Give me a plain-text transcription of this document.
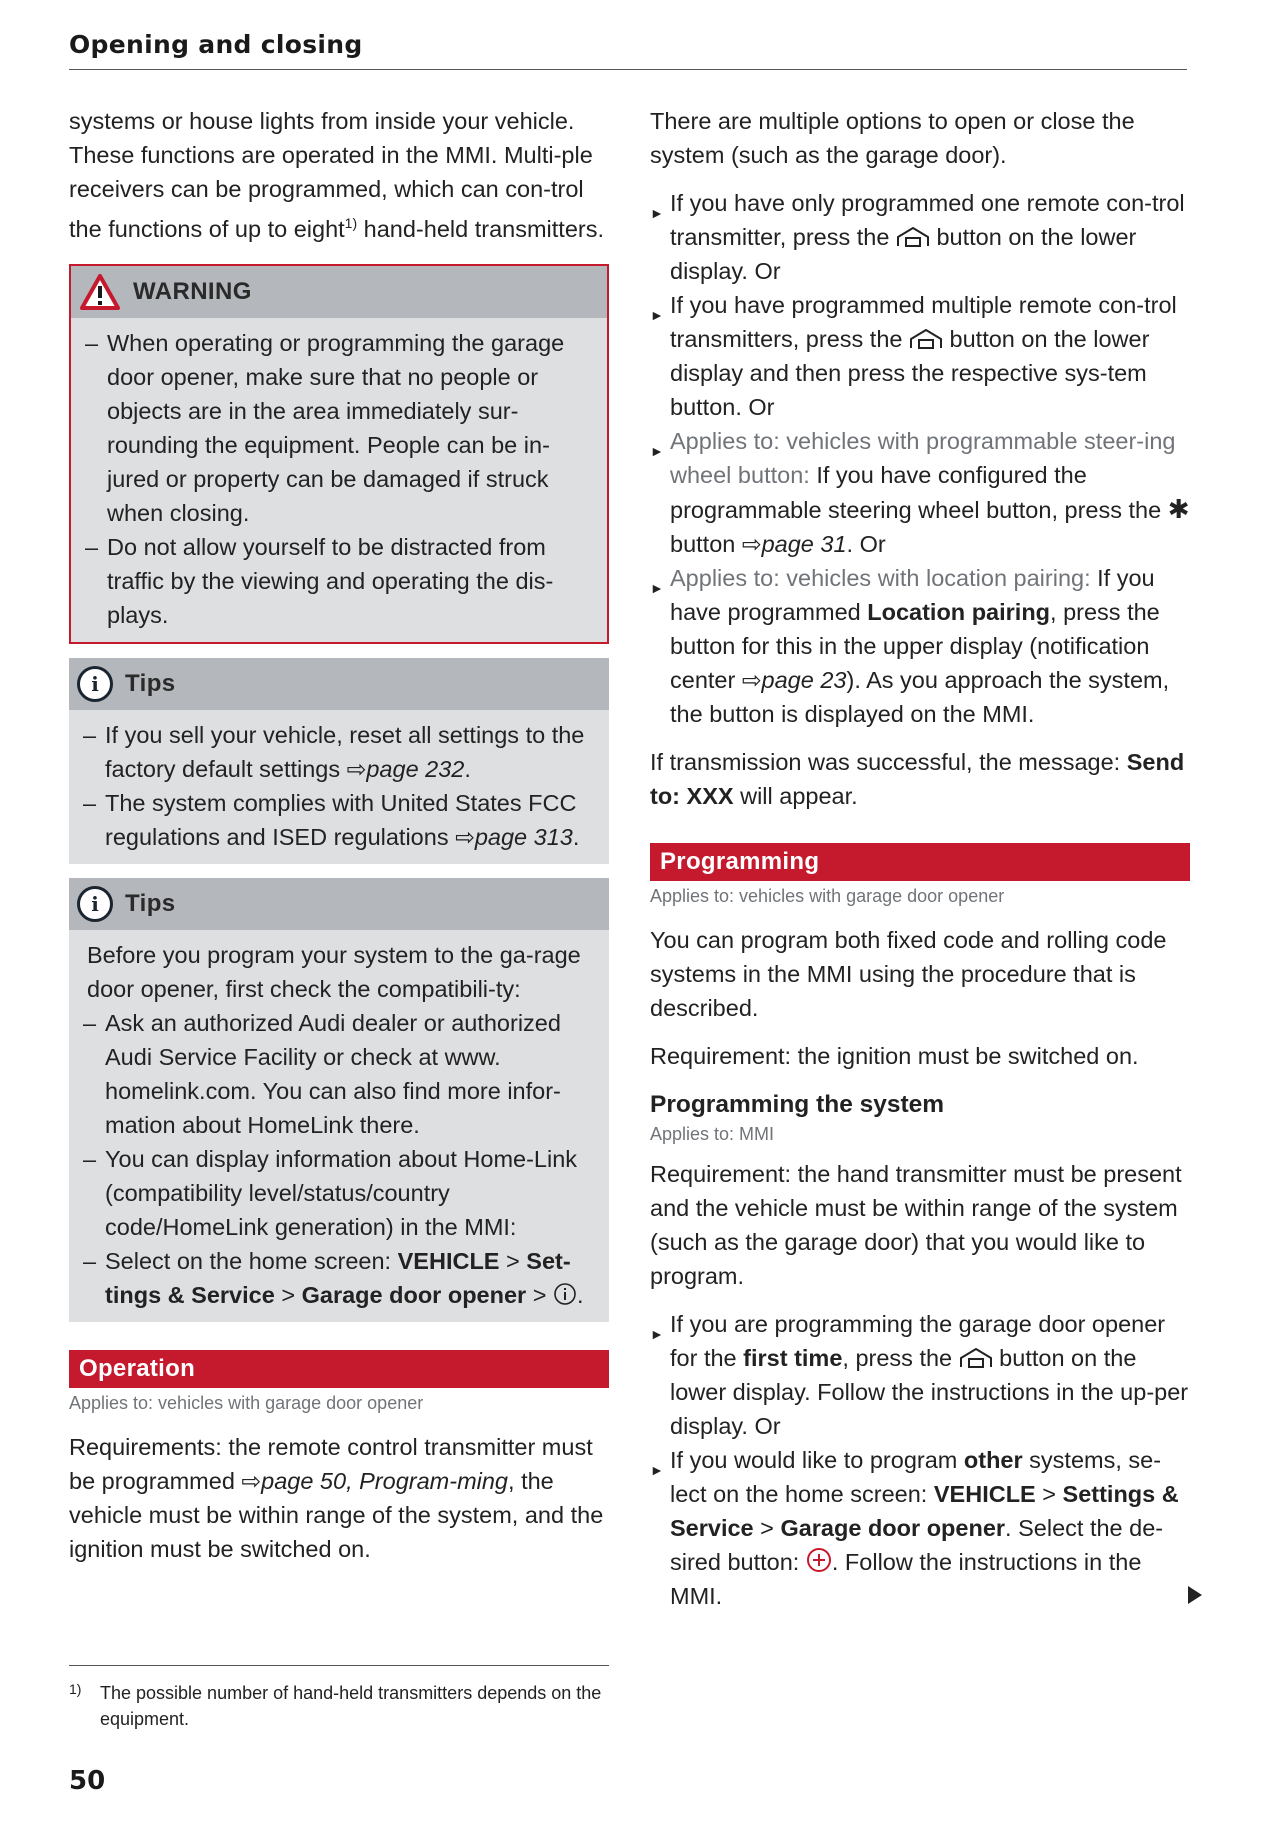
Opening and closing

systems or house lights from inside your vehicle. These functions are operated in the MMI. Multi-ple receivers can be programmed, which can con-trol the functions of up to eight$^{1)}$ hand-held transmitters.

WARNING
– When operating or programming the garage door opener, make sure that no people or objects are in the area immediately sur-rounding the equipment. People can be in-jured or property can be damaged if struck when closing.
– Do not allow yourself to be distracted from traffic by the viewing and operating the dis-plays.
i	Tips
– If you sell your vehicle, reset all settings to the factory default settings ⇨page 232.
– The system complies with United States FCC regulations and ISED regulations ⇨page 313.
i	Tips
Before you program your system to the ga-rage door opener, first check the compatibili-ty:
– Ask an authorized Audi dealer or authorized Audi Service Facility or check at www. homelink.com. You can also find more infor-mation about HomeLink there.
– You can display information about Home-Link (compatibility level/status/country code/HomeLink generation) in the MMI:
– Select on the home screen: VEHICLE > Set-tings & Service > Garage door opener > .
Operation
Applies to: vehicles with garage door opener

Requirements: the remote control transmitter must be programmed ⇨page 50, Program-ming, the vehicle must be within range of the system, and the ignition must be switched on.

1)	The possible number of hand-held transmitters depends on the equipment.
50

There are multiple options to open or close the system (such as the garage door).

► If you have only programmed one remote con-trol transmitter, press the  button on the lower display. Or
► If you have programmed multiple remote con-trol transmitters, press the  button on the lower display and then press the respective sys-tem button. Or
► Applies to: vehicles with programmable steer-ing wheel button: If you have configured the programmable steering wheel button, press the ✱ button ⇨page 31. Or
► Applies to: vehicles with location pairing: If you have programmed Location pairing, press the button for this in the upper display (notification center ⇨page 23). As you approach the system, the button is displayed on the MMI.

If transmission was successful, the message: Send to: XXX will appear.

Programming
Applies to: vehicles with garage door opener

You can program both fixed code and rolling code systems in the MMI using the procedure that is described.

Requirement: the ignition must be switched on.

Programming the system
Applies to: MMI

Requirement: the hand transmitter must be present and the vehicle must be within range of the system (such as the garage door) that you would like to program.

► If you are programming the garage door opener for the first time, press the  button on the lower display. Follow the instructions in the up-per display. Or
► If you would like to program other systems, se-lect on the home screen: VEHICLE > Settings & Service > Garage door opener. Select the de-sired button: . Follow the instructions in the MMI.
